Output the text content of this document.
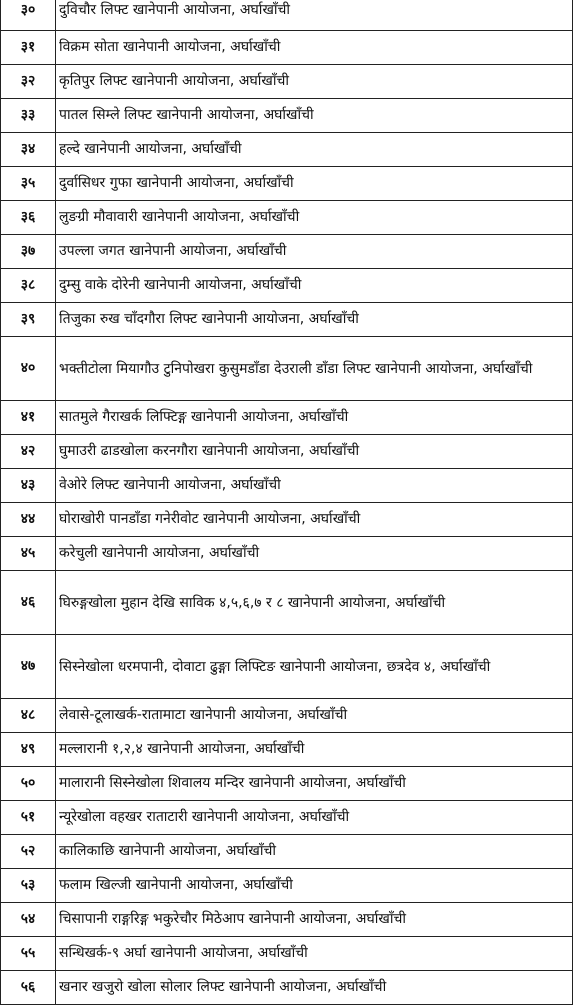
३०	दुविचौर लिफ्ट खानेपानी आयोजना, अर्घाखाँची
३१	विक्रम सोता खानेपानी आयोजना, अर्घाखाँची
३२	कृतिपुर लिफ्ट खानेपानी आयोजना, अर्घाखाँची
३३	पातल सिम्ले लिफ्ट खानेपानी आयोजना, अर्घाखाँची
३४	हल्दे खानेपानी आयोजना, अर्घाखाँची
३५	दुर्वासिधर गुफा खानेपानी आयोजना, अर्घाखाँची
३६	लुङग्री मौवावारी खानेपानी आयोजना, अर्घाखाँची
३७	उपल्ला जगत खानेपानी आयोजना, अर्घाखाँची
३८	दुम्सु वाके दोरेनी खानेपानी आयोजना, अर्घाखाँची
३९	तिजुका रुख चाँदगौरा लिफ्ट खानेपानी आयोजना, अर्घाखाँची
४०	भक्तीटोला मियागौउ टुनिपोखरा कुसुमडाँडा देउराली डाँडा लिफ्ट खानेपानी आयोजना, अर्घाखाँची
४१	सातमुले गैराखर्क लिफ्टिङ्ग खानेपानी आयोजना, अर्घाखाँची
४२	घुमाउरी ढाडखोला करनगौरा खानेपानी आयोजना, अर्घाखाँची
४३	वेओरे लिफ्ट खानेपानी आयोजना, अर्घाखाँची
४४	घोराखोरी पानडाँडा गनेरीवोट खानेपानी आयोजना, अर्घाखाँची
४५	करेचुली खानेपानी आयोजना, अर्घाखाँची
४६	घिरुङ्गखोला मुहान देखि साविक ४,५,६,७ र ८ खानेपानी आयोजना, अर्घाखाँची
४७	सिस्नेखोला धरमपानी, दोवाटा ढुङ्गा लिफ्टिङ खानेपानी आयोजना, छत्रदेव ४, अर्घाखाँची
४८	लेवासे-टूलाखर्क-रातामाटा खानेपानी आयोजना, अर्घाखाँची
४९	मल्लारानी १,२,४ खानेपानी आयोजना, अर्घाखाँची
५०	मालारानी सिस्नेखोला शिवालय मन्दिर खानेपानी आयोजना, अर्घाखाँची
५१	न्यूरेखोला वहखर राताटारी खानेपानी आयोजना, अर्घाखाँची
५२	कालिकाछि खानेपानी आयोजना, अर्घाखाँची
५३	फलाम खिल्जी खानेपानी आयोजना, अर्घाखाँची
५४	चिसापानी राङ्गरिङ्ग भकुरेचौर मिठेआप खानेपानी आयोजना, अर्घाखाँची
५५	सन्धिखर्क-९ अर्घा खानेपानी आयोजना, अर्घाखाँची
५६	खनार खजुरो खोला सोलार लिफ्ट खानेपानी आयोजना, अर्घाखाँची
